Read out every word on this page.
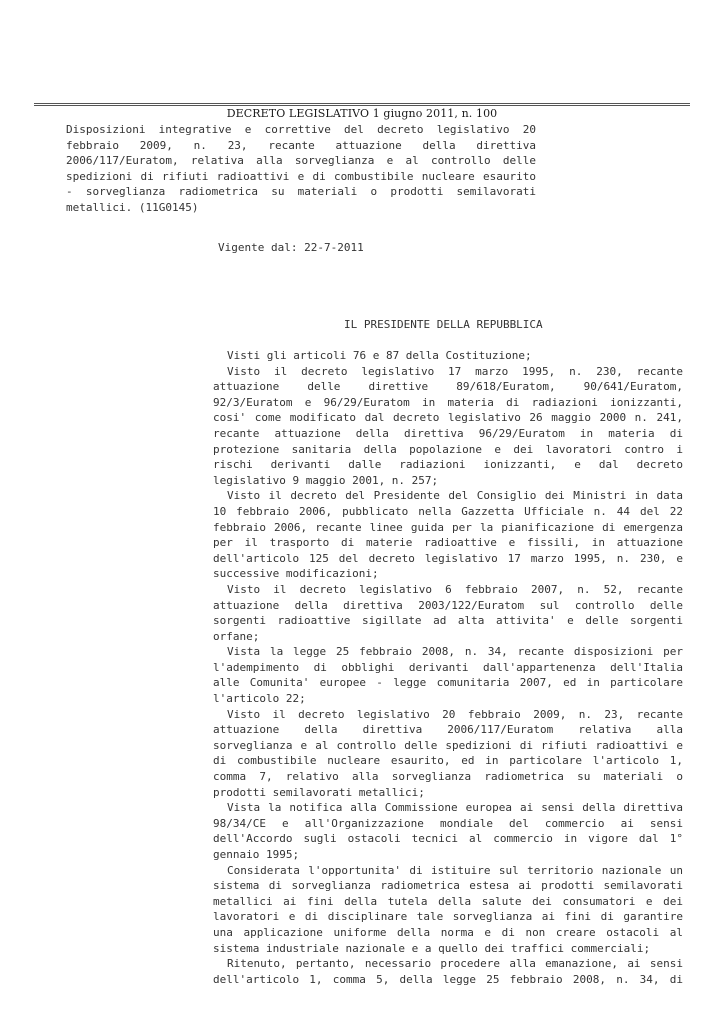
DECRETO LEGISLATIVO 1 giugno 2011, n. 100
Disposizioni integrative e correttive del decreto legislativo 20
febbraio 2009, n. 23, recante attuazione della direttiva
2006/117/Euratom, relativa alla sorveglianza e al controllo delle
spedizioni di rifiuti radioattivi e di combustibile nucleare esaurito
- sorveglianza radiometrica su materiali o prodotti semilavorati
metallici. (11G0145)
Vigente dal: 22-7-2011
IL PRESIDENTE DELLA REPUBBLICA
Visti gli articoli 76 e 87 della Costituzione;
Visto il decreto legislativo 17 marzo 1995, n. 230, recante
attuazione delle direttive 89/618/Euratom, 90/641/Euratom,
92/3/Euratom e 96/29/Euratom in materia di radiazioni ionizzanti,
cosi' come modificato dal decreto legislativo 26 maggio 2000 n. 241,
recante attuazione della direttiva 96/29/Euratom in materia di
protezione sanitaria della popolazione e dei lavoratori contro i
rischi derivanti dalle radiazioni ionizzanti, e dal decreto
legislativo 9 maggio 2001, n. 257;
Visto il decreto del Presidente del Consiglio dei Ministri in data
10 febbraio 2006, pubblicato nella Gazzetta Ufficiale n. 44 del 22
febbraio 2006, recante linee guida per la pianificazione di emergenza
per il trasporto di materie radioattive e fissili, in attuazione
dell'articolo 125 del decreto legislativo 17 marzo 1995, n. 230, e
successive modificazioni;
Visto il decreto legislativo 6 febbraio 2007, n. 52, recante
attuazione della direttiva 2003/122/Euratom sul controllo delle
sorgenti radioattive sigillate ad alta attivita' e delle sorgenti
orfane;
Vista la legge 25 febbraio 2008, n. 34, recante disposizioni per
l'adempimento di obblighi derivanti dall'appartenenza dell'Italia
alle Comunita' europee - legge comunitaria 2007, ed in particolare
l'articolo 22;
Visto il decreto legislativo 20 febbraio 2009, n. 23, recante
attuazione della direttiva 2006/117/Euratom relativa alla
sorveglianza e al controllo delle spedizioni di rifiuti radioattivi e
di combustibile nucleare esaurito, ed in particolare l'articolo 1,
comma 7, relativo alla sorveglianza radiometrica su materiali o
prodotti semilavorati metallici;
Vista la notifica alla Commissione europea ai sensi della direttiva
98/34/CE e all'Organizzazione mondiale del commercio ai sensi
dell'Accordo sugli ostacoli tecnici al commercio in vigore dal 1°
gennaio 1995;
Considerata l'opportunita' di istituire sul territorio nazionale un
sistema di sorveglianza radiometrica estesa ai prodotti semilavorati
metallici ai fini della tutela della salute dei consumatori e dei
lavoratori e di disciplinare tale sorveglianza ai fini di garantire
una applicazione uniforme della norma e di non creare ostacoli al
sistema industriale nazionale e a quello dei traffici commerciali;
Ritenuto, pertanto, necessario procedere alla emanazione, ai sensi
dell'articolo 1, comma 5, della legge 25 febbraio 2008, n. 34, di
